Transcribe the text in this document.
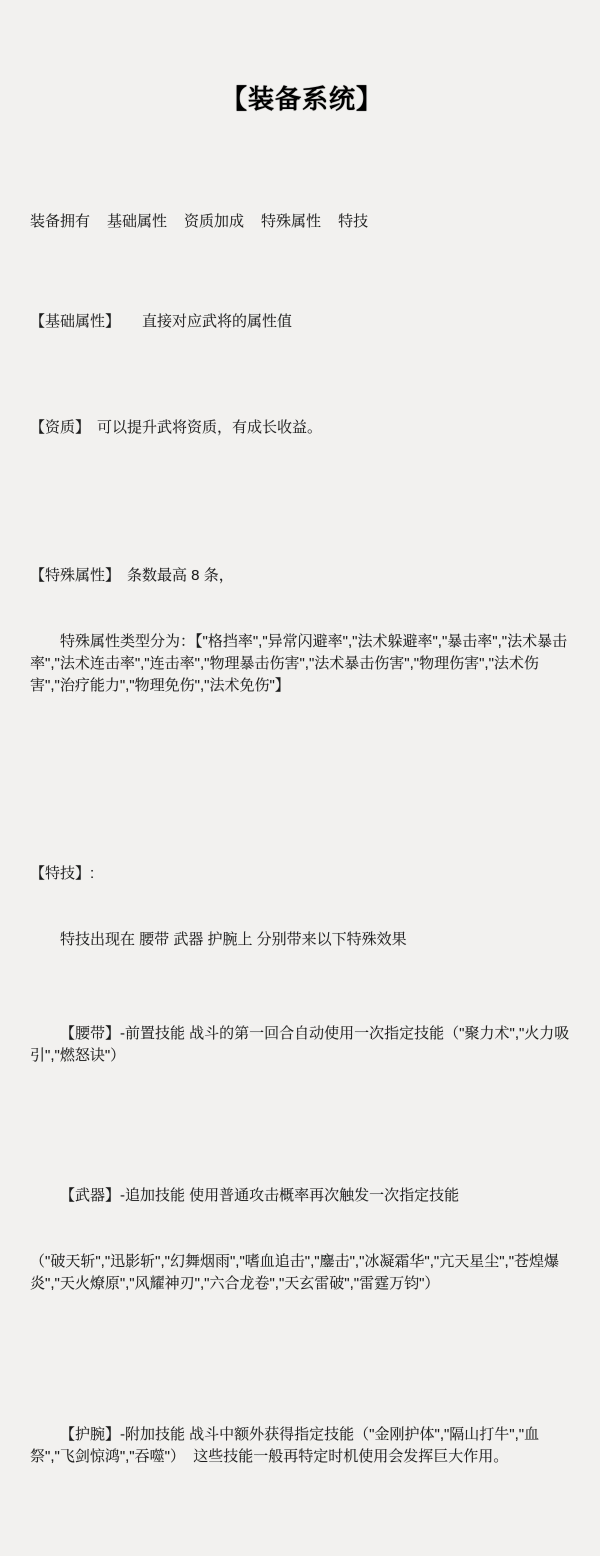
【装备系统】

装备拥有 基础属性 资质加成 特殊属性 特技

【基础属性】 直接对应武将的属性值

【资质】 可以提升武将资质，有成长收益。

【特殊属性】 条数最高 8 条，

特殊属性类型分为：【"格挡率","异常闪避率","法术躲避率","暴击率","法术暴击率","法术连击率","连击率","物理暴击伤害","法术暴击伤害","物理伤害","法术伤害","治疗能力","物理免伤","法术免伤"】

【特技】:

特技出现在 腰带 武器 护腕上 分别带来以下特殊效果

【腰带】-前置技能 战斗的第一回合自动使用一次指定技能（"聚力术","火力吸引","燃怒诀"）

【武器】-追加技能 使用普通攻击概率再次触发一次指定技能

（"破天斩","迅影斩","幻舞烟雨","嗜血追击","鏖击","冰凝霜华","亢天星尘","苍煌爆炎","天火燎原","风耀神刃","六合龙卷","天玄雷破","雷霆万钧"）

【护腕】-附加技能 战斗中额外获得指定技能（"金刚护体","隔山打牛","血祭","飞剑惊鸿","吞噬"）  这些技能一般再特定时机使用会发挥巨大作用。
